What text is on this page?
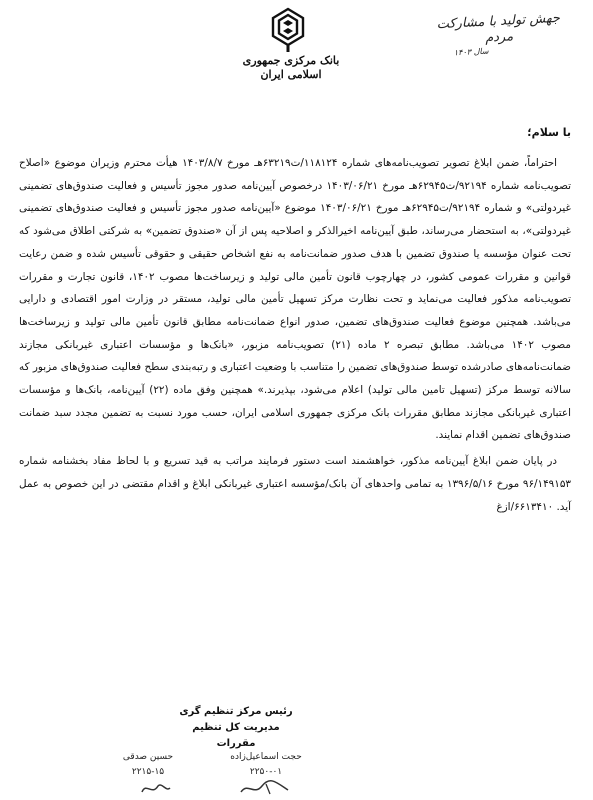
جهش تولید با مشارکت مردم
سال ۱۴۰۳
بانک مرکزی جمهوری اسلامی ایران
با سلام؛

احتراماً، ضمن ابلاغ تصویر تصویب‌نامه‌های شماره ۱۱۸۱۲۴/ت۶۳۲۱۹هـ مورخ ۱۴۰۳/۸/۷ هیأت محترم وزیران موضوع «اصلاح تصویب‌نامه شماره ۹۲۱۹۴/ت۶۲۹۴۵هـ مورخ ۱۴۰۳/۰۶/۲۱ درخصوص آیین‌نامه صدور مجوز تأسیس و فعالیت صندوق‌های تضمینی غیردولتی» و شماره ۹۲۱۹۴/ت۶۲۹۴۵هـ مورخ ۱۴۰۳/۰۶/۲۱ موضوع «آیین‌نامه صدور مجوز تأسیس و فعالیت صندوق‌های تضمینی غیردولتی»، به استحضار می‌رساند، طبق آیین‌نامه اخیرالذکر و اصلاحیه پس از آن «صندوق تضمین» به شرکتی اطلاق می‌شود که تحت عنوان مؤسسه یا صندوق تضمین با هدف صدور ضمانت‌نامه به نفع اشخاص حقیقی و حقوقی تأسیس شده و ضمن رعایت قوانین و مقررات عمومی کشور، در چهارچوب قانون تأمین مالی تولید و زیرساخت‌ها مصوب ۱۴۰۲، قانون تجارت و مقررات تصویب‌نامه مذکور فعالیت می‌نماید و تحت نظارت مرکز تسهیل تأمین مالی تولید، مستقر در وزارت امور اقتصادی و دارایی می‌باشد. همچنین موضوع فعالیت صندوق‌های تضمین، صدور انواع ضمانت‌نامه مطابق قانون تأمین مالی تولید و زیرساخت‌ها مصوب ۱۴۰۲ می‌باشد. مطابق تبصره ۲ ماده (۲۱) تصویب‌نامه مزبور، «بانک‌ها و مؤسسات اعتباری غیربانکی مجازند ضمانت‌نامه‌های صادرشده توسط صندوق‌های تضمین را متناسب با وضعیت اعتباری و رتبه‌بندی سطح فعالیت صندوق‌های مزبور که سالانه توسط مرکز (تسهیل تامین مالی تولید) اعلام می‌شود، بپذیرند.» همچنین وفق ماده (۲۲) آیین‌نامه، بانک‌ها و مؤسسات اعتباری غیربانکی مجازند مطابق مقررات بانک مرکزی جمهوری اسلامی ایران، حسب مورد نسبت به تضمین مجدد سبد ضمانت صندوق‌های تضمین اقدام نمایند.

در پایان ضمن ابلاغ آیین‌نامه مذکور، خواهشمند است دستور فرمایند مراتب به قید تسریع و با لحاظ مفاد بخشنامه شماره ۹۶/۱۴۹۱۵۳ مورخ ۱۳۹۶/۵/۱۶ به تمامی واحدهای آن بانک/مؤسسه اعتباری غیربانکی ابلاغ و اقدام مقتضی در این خصوص به عمل آید. ۶۶۱۳۴۱۰/ازغ

رئیس مرکز تنظیم گری
مدیریت کل تنظیم مقررات
حجت اسماعیل‌زاده
۲۲۵۰-۰۱
حسین صدقی
۲۲۱۵-۱۵
